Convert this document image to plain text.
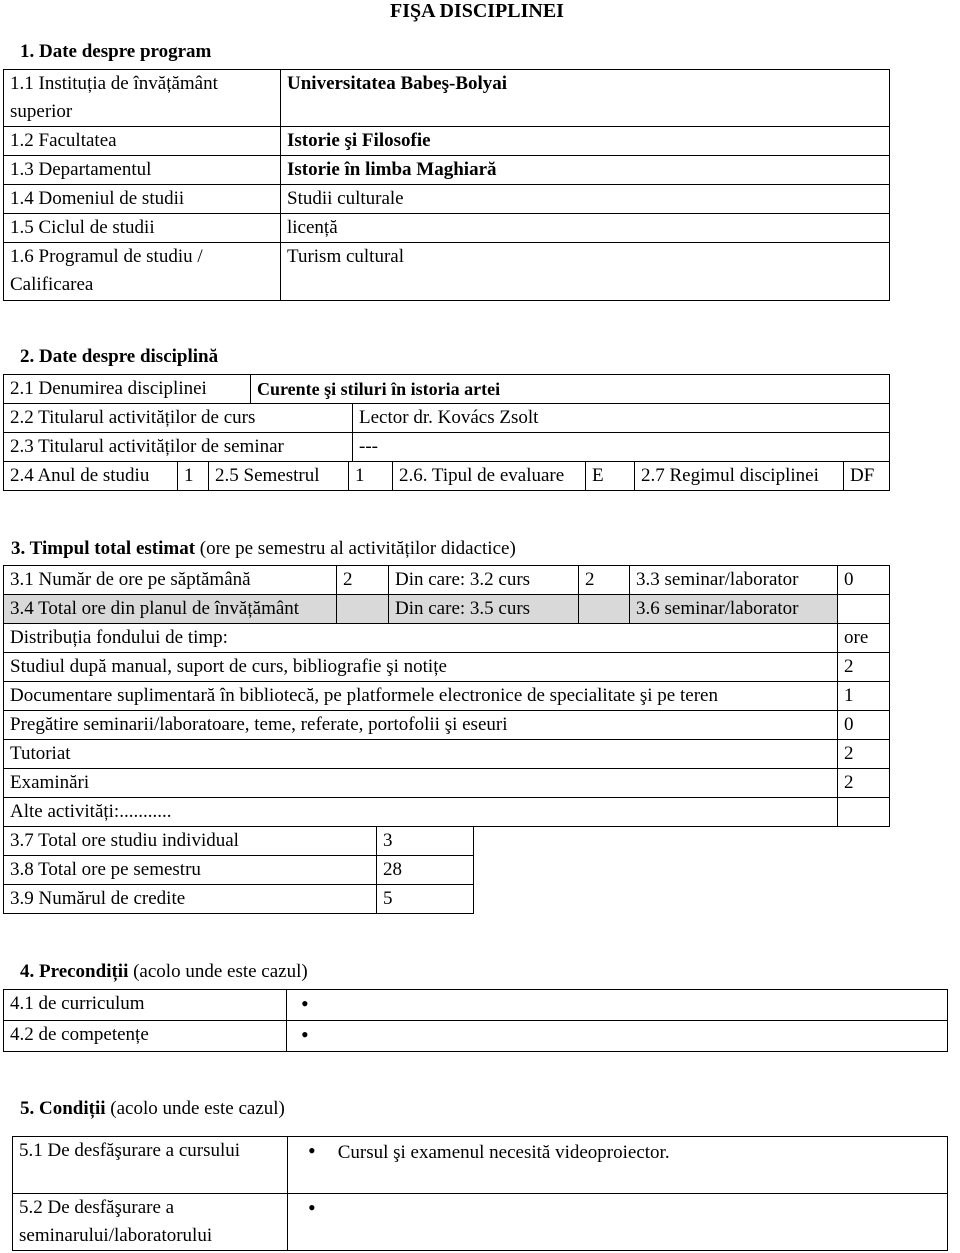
FIŞA DISCIPLINEI
1. Date despre program
1.1 Instituția de învățământ superior	Universitatea Babeş-Bolyai
1.2 Facultatea	Istorie şi Filosofie
1.3 Departamentul	Istorie în limba Maghiară
1.4 Domeniul de studii	Studii culturale
1.5 Ciclul de studii	licență

1.6 Programul de studiu / Calificarea	Turism cultural
2. Date despre disciplină
2.1 Denumirea disciplinei	Curente şi stiluri în istoria artei	
2.2 Titularul activităților de curs		Lector dr. Kovács Zsolt
2.3 Titularul activităților de seminar		---
2.4 Anul de studiu	1	2.5 Semestrul	1	2.6. Tipul de evaluare	E	2.7 Regimul disciplinei	DF
3. Timpul total estimat (ore pe semestru al activităților didactice)
3.1 Număr de ore pe săptămână	2	Din care: 3.2 curs	2	3.3 seminar/laborator	0
3.4 Total ore din planul de învățământ		Din care: 3.5 curs		3.6 seminar/laborator	
Distribuția fondului de timp:					ore
Studiul după manual, suport de curs, bibliografie şi notițe					2
Documentare suplimentară în bibliotecă, pe platformele electronice de specialitate şi pe teren					1
Pregătire seminarii/laboratoare, teme, referate, portofolii şi eseuri					0
Tutoriat					2
Examinări					2
Alte activități:...........					
3.7 Total ore studiu individual	3
3.8 Total ore pe semestru	28
3.9 Numărul de credite	5
4. Precondiții (acolo unde este cazul)
4.1 de curriculum	•
4.2 de competențe	•
5. Condiții (acolo unde este cazul)
5.1 De desfăşurare a cursului	• Cursul şi examenul necesită videoproiector.
5.2 De desfăşurare a seminarului/laboratorului	•
